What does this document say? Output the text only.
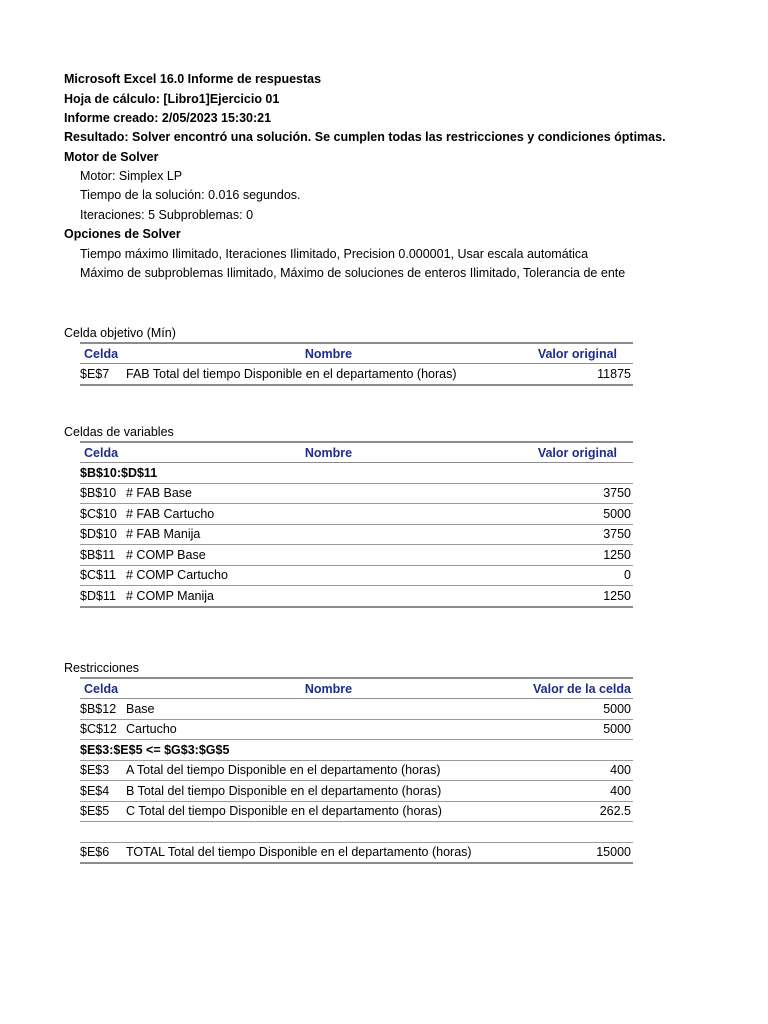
Microsoft Excel 16.0 Informe de respuestas
Hoja de cálculo: [Libro1]Ejercicio 01
Informe creado: 2/05/2023 15:30:21
Resultado: Solver encontró una solución. Se cumplen todas las restricciones y condiciones óptimas.
Motor de Solver
Motor: Simplex LP
Tiempo de la solución: 0.016 segundos.
Iteraciones: 5 Subproblemas: 0
Opciones de Solver
Tiempo máximo Ilimitado, Iteraciones Ilimitado, Precision 0.000001, Usar escala automática
Máximo de subproblemas Ilimitado, Máximo de soluciones de enteros Ilimitado, Tolerancia de ente
Celda objetivo (Mín)
Celda	Nombre	Valor original
$E$7	FAB Total del tiempo Disponible en el departamento (horas)	11875
Celdas de variables
Celda	Nombre	Valor original
$B$10:$D$11		
$B$10	# FAB Base	3750
$C$10	# FAB Cartucho	5000
$D$10	# FAB Manija	3750
$B$11	# COMP Base	1250
$C$11	# COMP Cartucho	0
$D$11	# COMP Manija	1250
Restricciones
Celda	Nombre	Valor de la celda
$B$12	Base	5000
$C$12	Cartucho	5000
$E$3:$E$5 <= $G$3:$G$5		
$E$3	A Total del tiempo Disponible en el departamento (horas)	400
$E$4	B Total del tiempo Disponible en el departamento (horas)	400
$E$5	C Total del tiempo Disponible en el departamento (horas)	262.5

$E$6	TOTAL Total del tiempo Disponible en el departamento (horas)	15000
